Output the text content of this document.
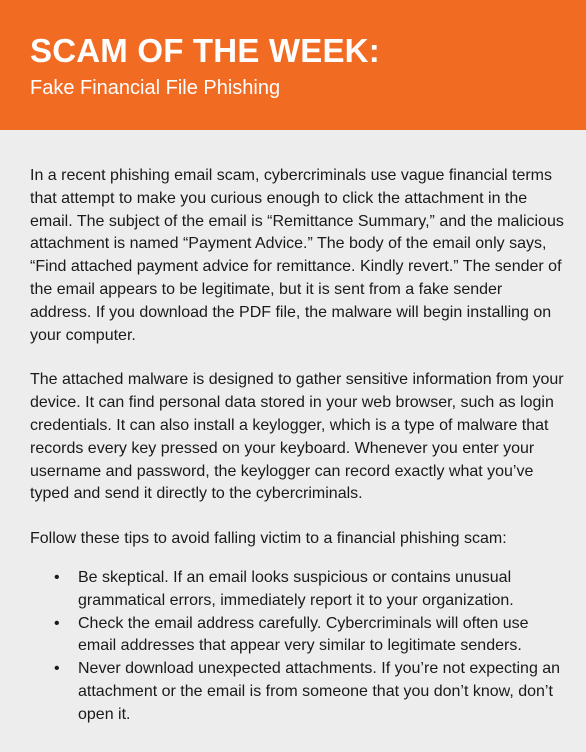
SCAM OF THE WEEK:
Fake Financial File Phishing

In a recent phishing email scam, cybercriminals use vague financial terms that attempt to make you curious enough to click the attachment in the email. The subject of the email is “Remittance Summary,” and the malicious attachment is named “Payment Advice.” The body of the email only says, “Find attached payment advice for remittance. Kindly revert.” The sender of the email appears to be legitimate, but it is sent from a fake sender address. If you download the PDF file, the malware will begin installing on your computer.

The attached malware is designed to gather sensitive information from your device. It can find personal data stored in your web browser, such as login credentials. It can also install a keylogger, which is a type of malware that records every key pressed on your keyboard. Whenever you enter your username and password, the keylogger can record exactly what you’ve typed and send it directly to the cybercriminals.

Follow these tips to avoid falling victim to a financial phishing scam:

• Be skeptical. If an email looks suspicious or contains unusual grammatical errors, immediately report it to your organization.
• Check the email address carefully. Cybercriminals will often use email addresses that appear very similar to legitimate senders.
• Never download unexpected attachments. If you’re not expecting an attachment or the email is from someone that you don’t know, don’t open it.
